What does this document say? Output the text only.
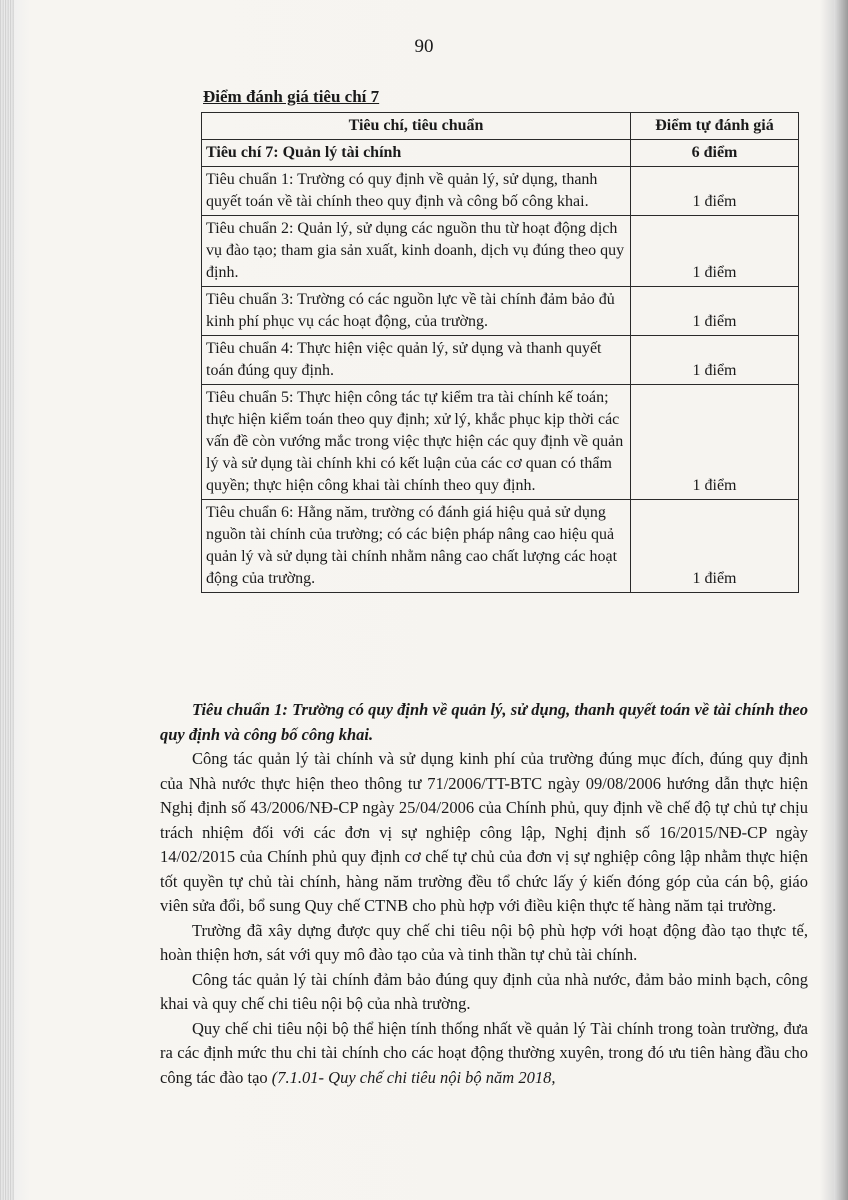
90
Điểm đánh giá tiêu chí 7
Tiêu chí, tiêu chuẩn	Điểm tự đánh giá
Tiêu chí 7: Quản lý tài chính	6 điểm
Tiêu chuẩn 1: Trường có quy định về quản lý, sử dụng, thanh quyết toán về tài chính theo quy định và công bố công khai.	1 điểm
Tiêu chuẩn 2: Quản lý, sử dụng các nguồn thu từ hoạt động dịch vụ đào tạo; tham gia sản xuất, kinh doanh, dịch vụ đúng theo quy định.	1 điểm
Tiêu chuẩn 3: Trường có các nguồn lực về tài chính đảm bảo đủ kinh phí phục vụ các hoạt động, của trường.	1 điểm
Tiêu chuẩn 4: Thực hiện việc quản lý, sử dụng và thanh quyết toán đúng quy định.	1 điểm
Tiêu chuẩn 5: Thực hiện công tác tự kiểm tra tài chính kế toán; thực hiện kiểm toán theo quy định; xử lý, khắc phục kịp thời các vấn đề còn vướng mắc trong việc thực hiện các quy định về quản lý và sử dụng tài chính khi có kết luận của các cơ quan có thẩm quyền; thực hiện công khai tài chính theo quy định.	1 điểm
Tiêu chuẩn 6: Hằng năm, trường có đánh giá hiệu quả sử dụng nguồn tài chính của trường; có các biện pháp nâng cao hiệu quả quản lý và sử dụng tài chính nhằm nâng cao chất lượng các hoạt động của trường.	1 điểm

Tiêu chuẩn 1: Trường có quy định về quản lý, sử dụng, thanh quyết toán về tài chính theo quy định và công bố công khai.

Công tác quản lý tài chính và sử dụng kinh phí của trường đúng mục đích, đúng quy định của Nhà nước thực hiện theo thông tư 71/2006/TT-BTC ngày 09/08/2006 hướng dẫn thực hiện Nghị định số 43/2006/NĐ-CP ngày 25/04/2006 của Chính phủ, quy định về chế độ tự chủ tự chịu trách nhiệm đối với các đơn vị sự nghiệp công lập, Nghị định số 16/2015/NĐ-CP ngày 14/02/2015 của Chính phủ quy định cơ chế tự chủ của đơn vị sự nghiệp công lập nhằm thực hiện tốt quyền tự chủ tài chính, hàng năm trường đều tổ chức lấy ý kiến đóng góp của cán bộ, giáo viên sửa đổi, bổ sung Quy chế CTNB cho phù hợp với điều kiện thực tế hàng năm tại trường.

Trường đã xây dựng được quy chế chi tiêu nội bộ phù hợp với hoạt động đào tạo thực tế, hoàn thiện hơn, sát với quy mô đào tạo của và tinh thần tự chủ tài chính.

Công tác quản lý tài chính đảm bảo đúng quy định của nhà nước, đảm bảo minh bạch, công khai và quy chế chi tiêu nội bộ của nhà trường.

Quy chế chi tiêu nội bộ thể hiện tính thống nhất về quản lý Tài chính trong toàn trường, đưa ra các định mức thu chi tài chính cho các hoạt động thường xuyên, trong đó ưu tiên hàng đầu cho công tác đào tạo (7.1.01- Quy chế chi tiêu nội bộ năm 2018,
